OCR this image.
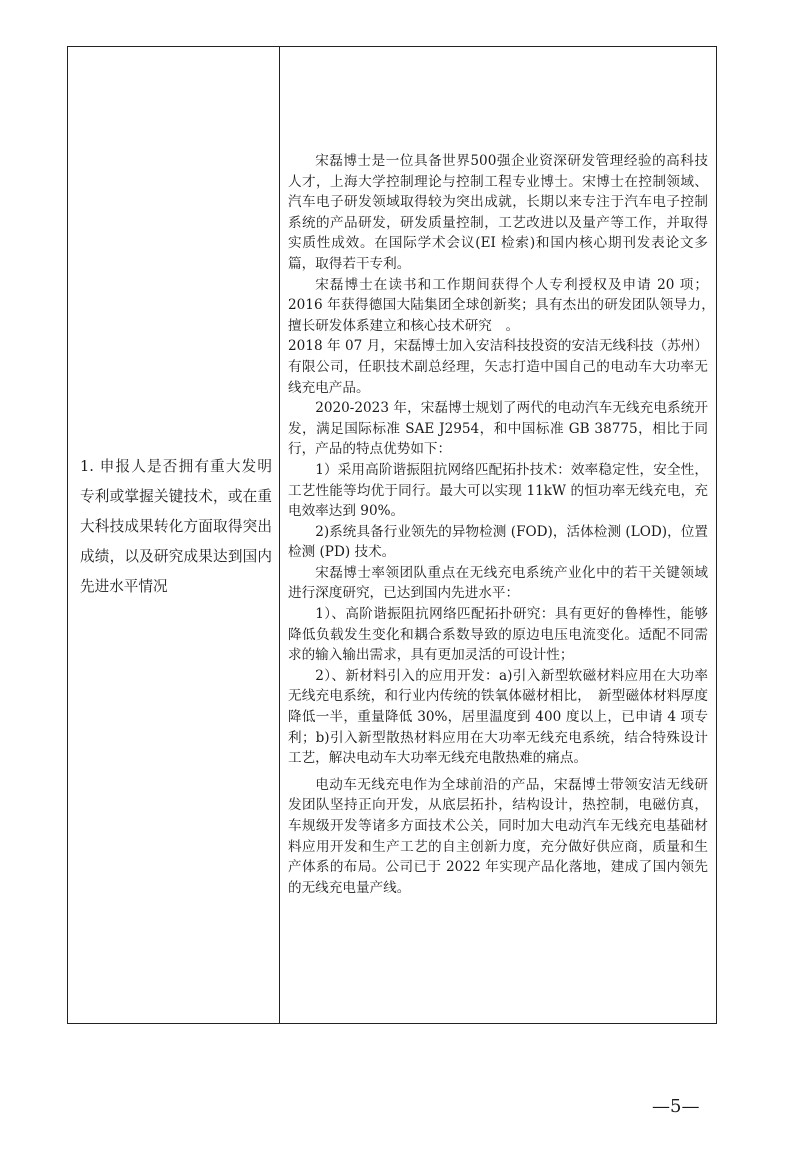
1. 申报人是否拥有重大发明专利或掌握关键技术，或在重大科技成果转化方面取得突出成绩，以及研究成果达到国内先进水平情况

宋磊博士是一位具备世界500强企业资深研发管理经验的高科技人才，上海大学控制理论与控制工程专业博士。宋博士在控制领域、汽车电子研发领域取得较为突出成就，长期以来专注于汽车电子控制系统的产品研发，研发质量控制，工艺改进以及量产等工作，并取得实质性成效。在国际学术会议(EI 检索)和国内核心期刊发表论文多篇，取得若干专利。

宋磊博士在读书和工作期间获得个人专利授权及申请 20 项；2016 年获得德国大陆集团全球创新奖；具有杰出的研发团队领导力，　擅长研发体系建立和核心技术研究　。

2018 年 07 月，宋磊博士加入安洁科技投资的安洁无线科技（苏州）有限公司，任职技术副总经理，矢志打造中国自己的电动车大功率无线充电产品。

2020-2023 年，宋磊博士规划了两代的电动汽车无线充电系统开发，满足国际标准 SAE J2954，和中国标准 GB 38775，相比于同行，产品的特点优势如下：

1）采用高阶谐振阻抗网络匹配拓扑技术：效率稳定性，安全性，工艺性能等均优于同行。最大可以实现 11kW 的恒功率无线充电，充电效率达到 90%。

2)系统具备行业领先的异物检测 (FOD)，活体检测 (LOD)，位置检测 (PD) 技术。

宋磊博士率领团队重点在无线充电系统产业化中的若干关键领域进行深度研究，已达到国内先进水平：

1）、高阶谐振阻抗网络匹配拓扑研究：具有更好的鲁棒性，能够降低负载发生变化和耦合系数导致的原边电压电流变化。适配不同需求的输入输出需求，具有更加灵活的可设计性；

2）、新材料引入的应用开发：a)引入新型软磁材料应用在大功率无线充电系统，和行业内传统的铁氧体磁材相比，　新型磁体材料厚度降低一半，重量降低 30%，居里温度到 400 度以上，已申请 4 项专利；b)引入新型散热材料应用在大功率无线充电系统，结合特殊设计工艺，解决电动车大功率无线充电散热难的痛点。

电动车无线充电作为全球前沿的产品，宋磊博士带领安洁无线研发团队坚持正向开发，从底层拓扑，结构设计，热控制，电磁仿真，车规级开发等诸多方面技术公关，同时加大电动汽车无线充电基础材料应用开发和生产工艺的自主创新力度，充分做好供应商，质量和生产体系的布局。公司已于 2022 年实现产品化落地，建成了国内领先的无线充电量产线。

—5—
